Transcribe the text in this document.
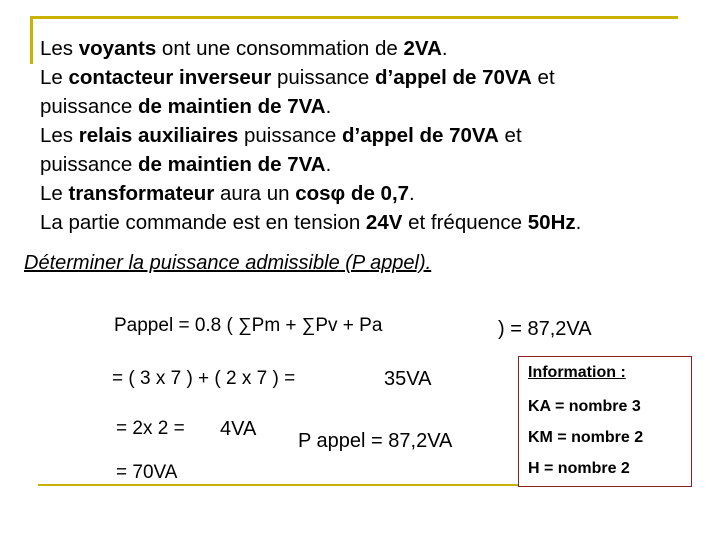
Les voyants ont une consommation de 2VA.
Le contacteur inverseur puissance d’appel de 70VA et
puissance de maintien de 7VA.
Les relais auxiliaires puissance d’appel de 70VA et
puissance de maintien de 7VA.
Le transformateur aura un cosφ de 0,7.
La partie commande est en tension 24V et fréquence 50Hz.
Déterminer la puissance admissible (P appel).
Pappel = 0.8 ( ∑Pm + ∑Pv + Pa	) = 87,2VA
= ( 3 x 7 ) + ( 2 x 7 ) =	35VA
= 2x 2 = 4VA
= 70VA
P appel = 87,2VA
Information :
KA = nombre 3
KM = nombre 2
H = nombre 2
